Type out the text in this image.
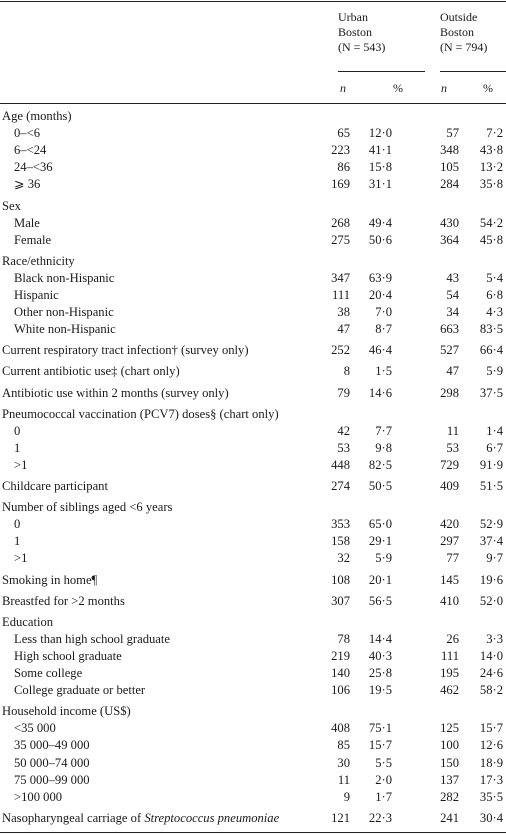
Urban
Boston
(N = 543)
Outside
Boston
(N = 794)
n	%	n	%
Age (months)
0–<6	65	12·0	57	7·2
6–<24	223	41·1	348	43·8
24–<36	86	15·8	105	13·2
⩾ 36	169	31·1	284	35·8
Sex
Male	268	49·4	430	54·2
Female	275	50·6	364	45·8
Race/ethnicity
Black non-Hispanic	347	63·9	43	5·4
Hispanic	111	20·4	54	6·8
Other non-Hispanic	38	7·0	34	4·3
White non-Hispanic	47	8·7	663	83·5
Current respiratory tract infection† (survey only)	252	46·4	527	66·4
Current antibiotic use‡ (chart only)	8	1·5	47	5·9
Antibiotic use within 2 months (survey only)	79	14·6	298	37·5
Pneumococcal vaccination (PCV7) doses§ (chart only)
0	42	7·7	11	1·4
1	53	9·8	53	6·7
>1	448	82·5	729	91·9
Childcare participant	274	50·5	409	51·5
Number of siblings aged <6 years
0	353	65·0	420	52·9
1	158	29·1	297	37·4
>1	32	5·9	77	9·7
Smoking in home¶	108	20·1	145	19·6
Breastfed for >2 months	307	56·5	410	52·0
Education
Less than high school graduate	78	14·4	26	3·3
High school graduate	219	40·3	111	14·0
Some college	140	25·8	195	24·6
College graduate or better	106	19·5	462	58·2
Household income (US$)
<35 000	408	75·1	125	15·7
35 000–49 000	85	15·7	100	12·6
50 000–74 000	30	5·5	150	18·9
75 000–99 000	11	2·0	137	17·3
>100 000	9	1·7	282	35·5
Nasopharyngeal carriage of Streptococcus pneumoniae	121	22·3	241	30·4
